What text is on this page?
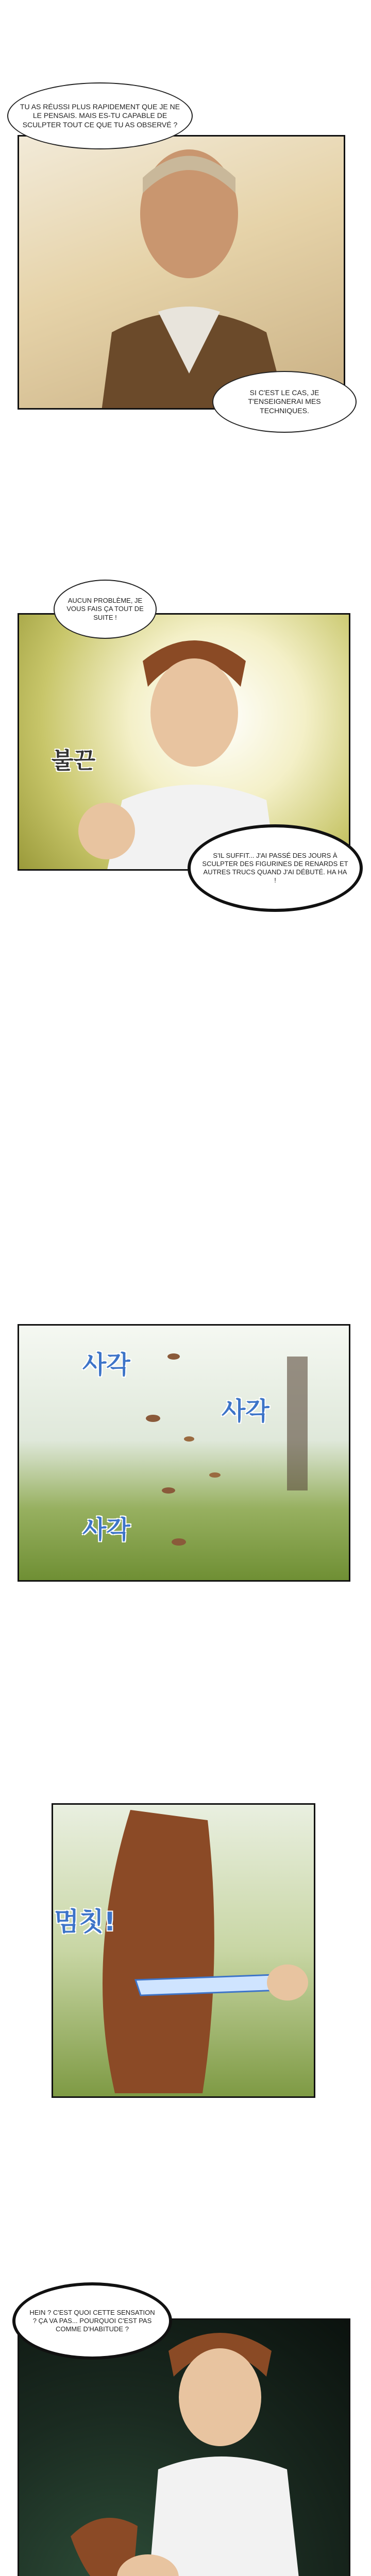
TU AS RÉUSSI PLUS RAPIDEMENT QUE JE NE LE PENSAIS. MAIS ES-TU CAPABLE DE SCULPTER TOUT CE QUE TU AS OBSERVÉ ?
SI C'EST LE CAS, JE T'ENSEIGNERAI MES TECHNIQUES.
불끈
AUCUN PROBLÈME, JE VOUS FAIS ÇA TOUT DE SUITE !
S'IL SUFFIT... J'AI PASSÉ DES JOURS À SCULPTER DES FIGURINES DE RENARDS ET AUTRES TRUCS QUAND J'AI DÉBUTÉ. HA HA !
사각
사각
사각
멈칫!
HEIN ? C'EST QUOI CETTE SENSATION ? ÇA VA PAS... POURQUOI C'EST PAS COMME D'HABITUDE ?
